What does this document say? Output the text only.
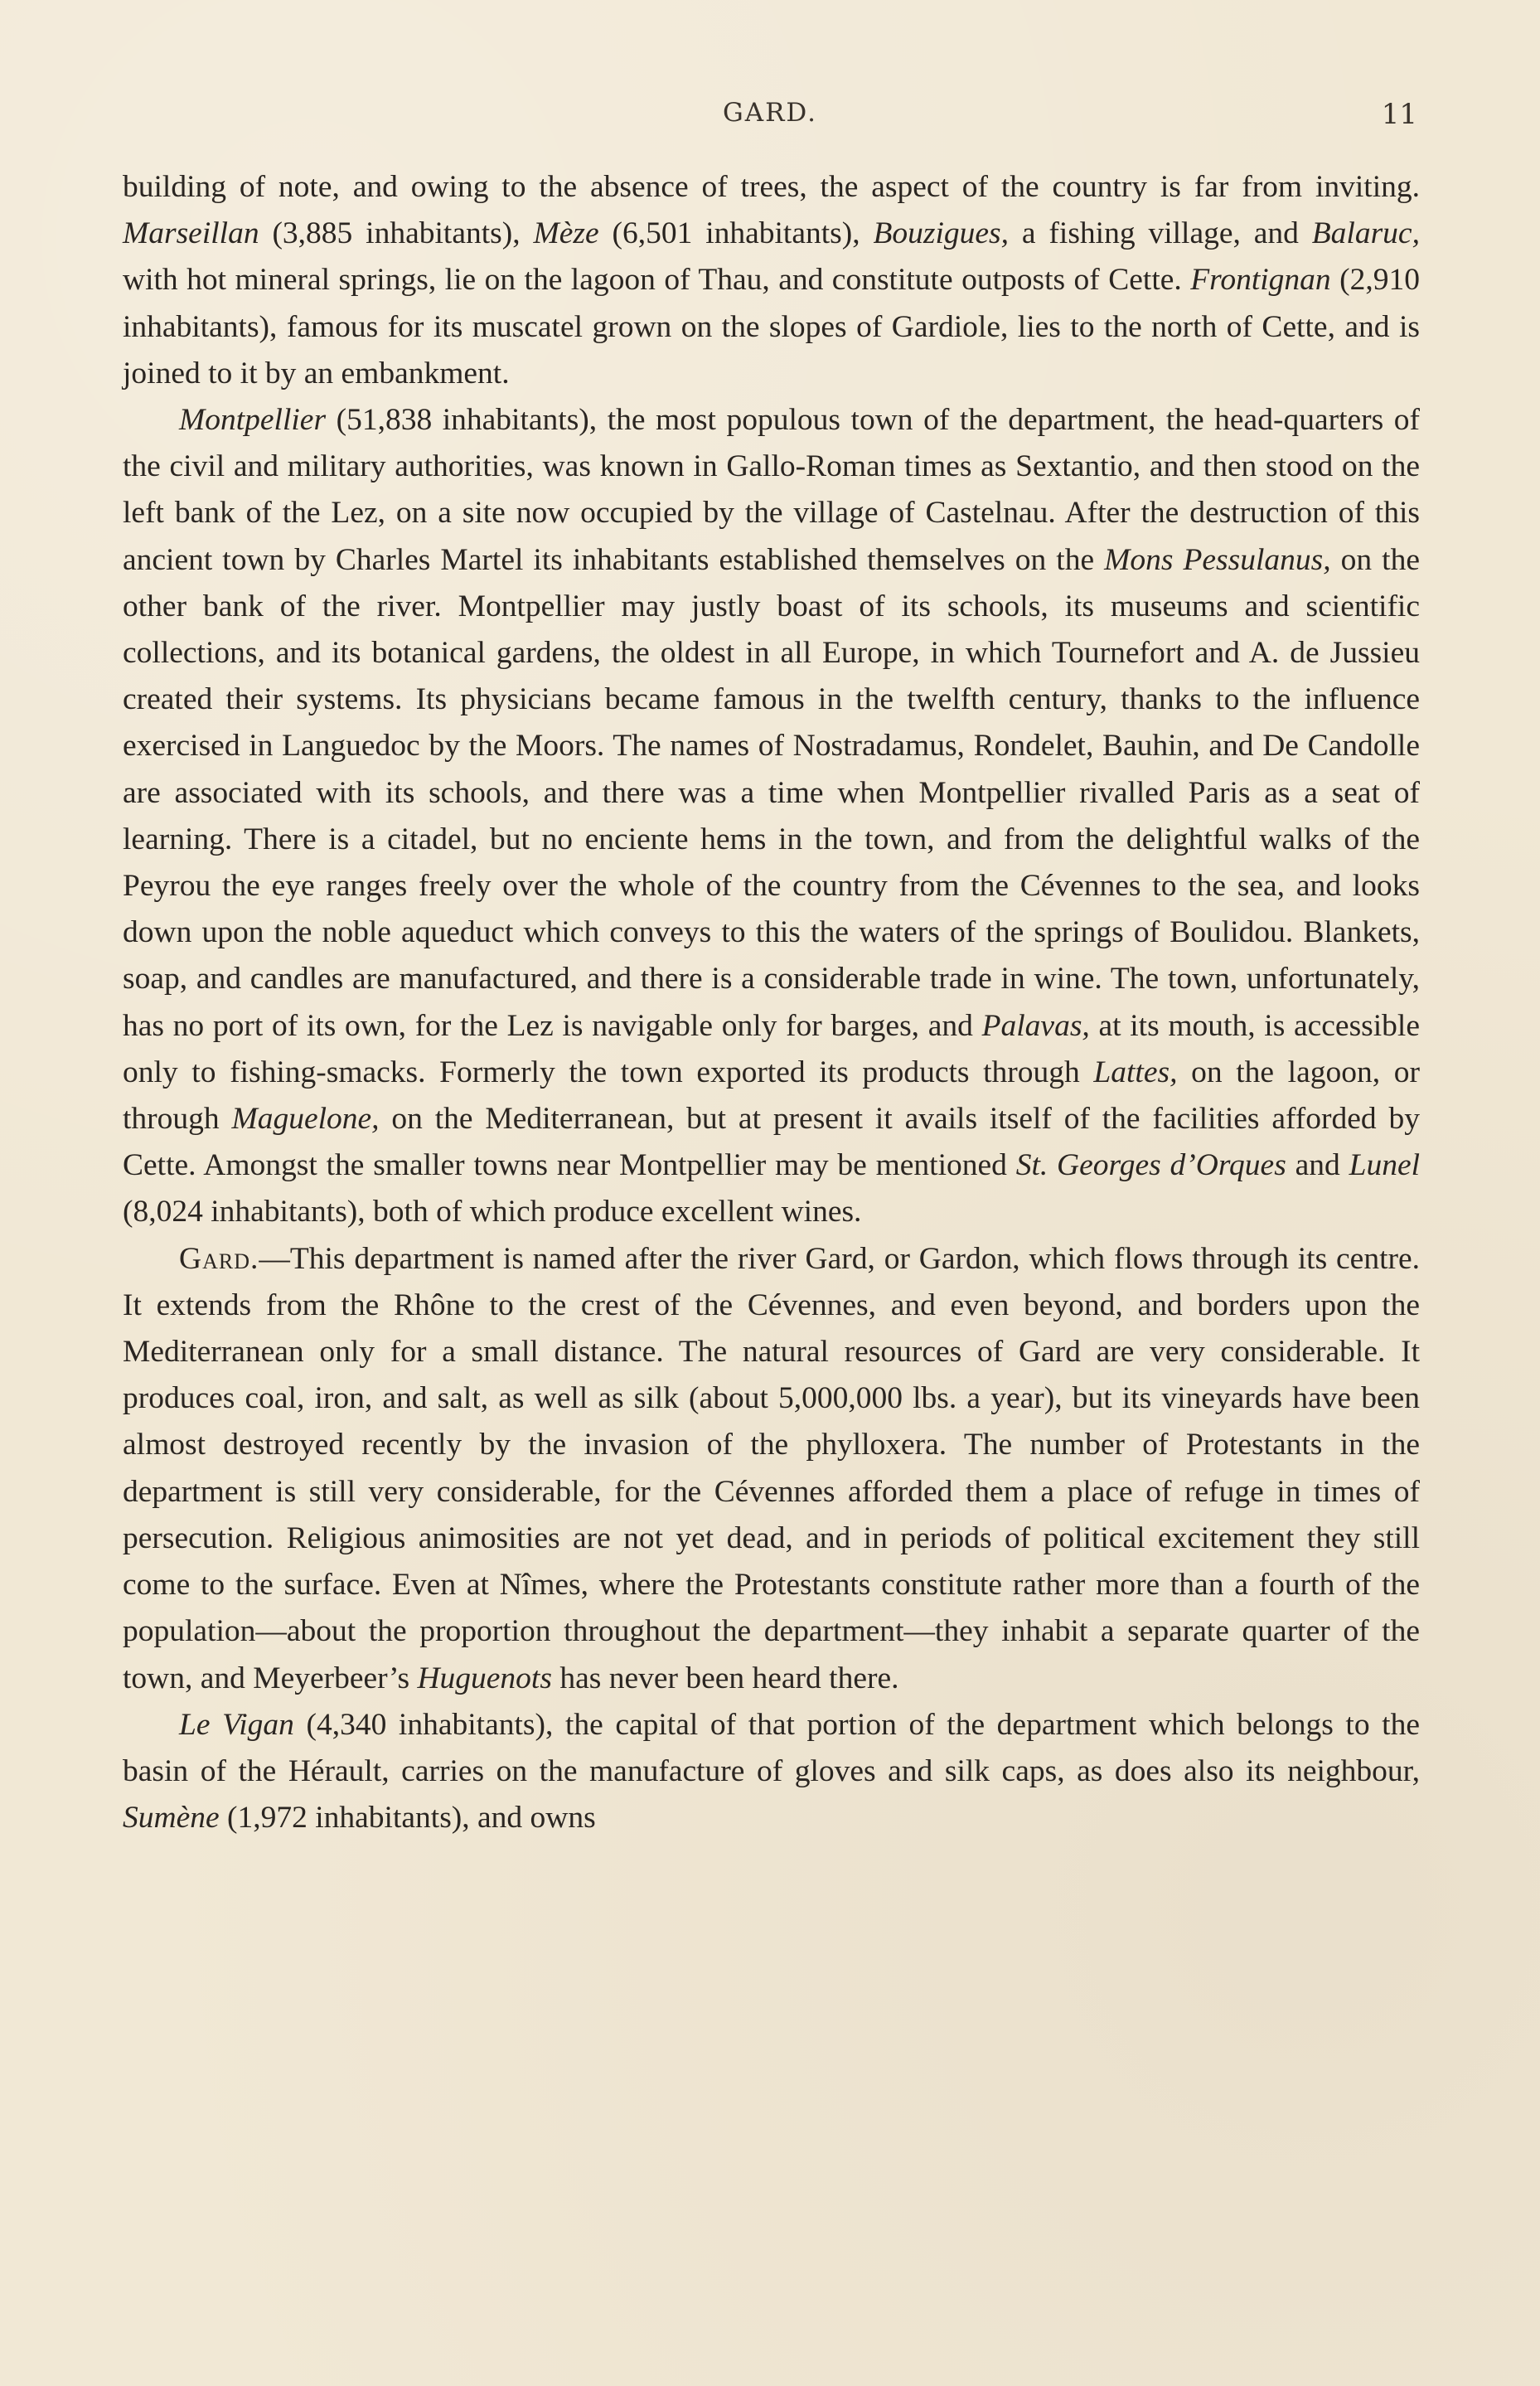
GARD.	11

building of note, and owing to the absence of trees, the aspect of the country is far from inviting. Marseillan (3,885 inhabitants), Mèze (6,501 inhabitants), Bouzigues, a fishing village, and Balaruc, with hot mineral springs, lie on the lagoon of Thau, and constitute outposts of Cette. Frontignan (2,910 inhabitants), famous for its muscatel grown on the slopes of Gardiole, lies to the north of Cette, and is joined to it by an embankment.

Montpellier (51,838 inhabitants), the most populous town of the department, the head-quarters of the civil and military authorities, was known in Gallo-Roman times as Sextantio, and then stood on the left bank of the Lez, on a site now occupied by the village of Castelnau. After the destruction of this ancient town by Charles Martel its inhabitants established themselves on the Mons Pessulanus, on the other bank of the river. Montpellier may justly boast of its schools, its museums and scientific collections, and its botanical gardens, the oldest in all Europe, in which Tournefort and A. de Jussieu created their systems. Its physicians became famous in the twelfth century, thanks to the influence exercised in Languedoc by the Moors. The names of Nostradamus, Rondelet, Bauhin, and De Candolle are associated with its schools, and there was a time when Montpellier rivalled Paris as a seat of learning. There is a citadel, but no enciente hems in the town, and from the delightful walks of the Peyrou the eye ranges freely over the whole of the country from the Cévennes to the sea, and looks down upon the noble aqueduct which conveys to this the waters of the springs of Boulidou. Blankets, soap, and candles are manufactured, and there is a considerable trade in wine. The town, unfortunately, has no port of its own, for the Lez is navigable only for barges, and Palavas, at its mouth, is accessible only to fishing-smacks. Formerly the town exported its products through Lattes, on the lagoon, or through Maguelone, on the Mediterranean, but at present it avails itself of the facilities afforded by Cette. Amongst the smaller towns near Montpellier may be mentioned St. Georges d’Orques and Lunel (8,024 inhabitants), both of which produce excellent wines.

Gard.—This department is named after the river Gard, or Gardon, which flows through its centre. It extends from the Rhône to the crest of the Cévennes, and even beyond, and borders upon the Mediterranean only for a small distance. The natural resources of Gard are very considerable. It produces coal, iron, and salt, as well as silk (about 5,000,000 lbs. a year), but its vineyards have been almost destroyed recently by the invasion of the phylloxera. The number of Protestants in the department is still very considerable, for the Cévennes afforded them a place of refuge in times of persecution. Religious animosities are not yet dead, and in periods of political excitement they still come to the surface. Even at Nîmes, where the Protestants constitute rather more than a fourth of the population—about the proportion throughout the department—they inhabit a separate quarter of the town, and Meyerbeer’s Huguenots has never been heard there.

Le Vigan (4,340 inhabitants), the capital of that portion of the department which belongs to the basin of the Hérault, carries on the manufacture of gloves and silk caps, as does also its neighbour, Sumène (1,972 inhabitants), and owns
